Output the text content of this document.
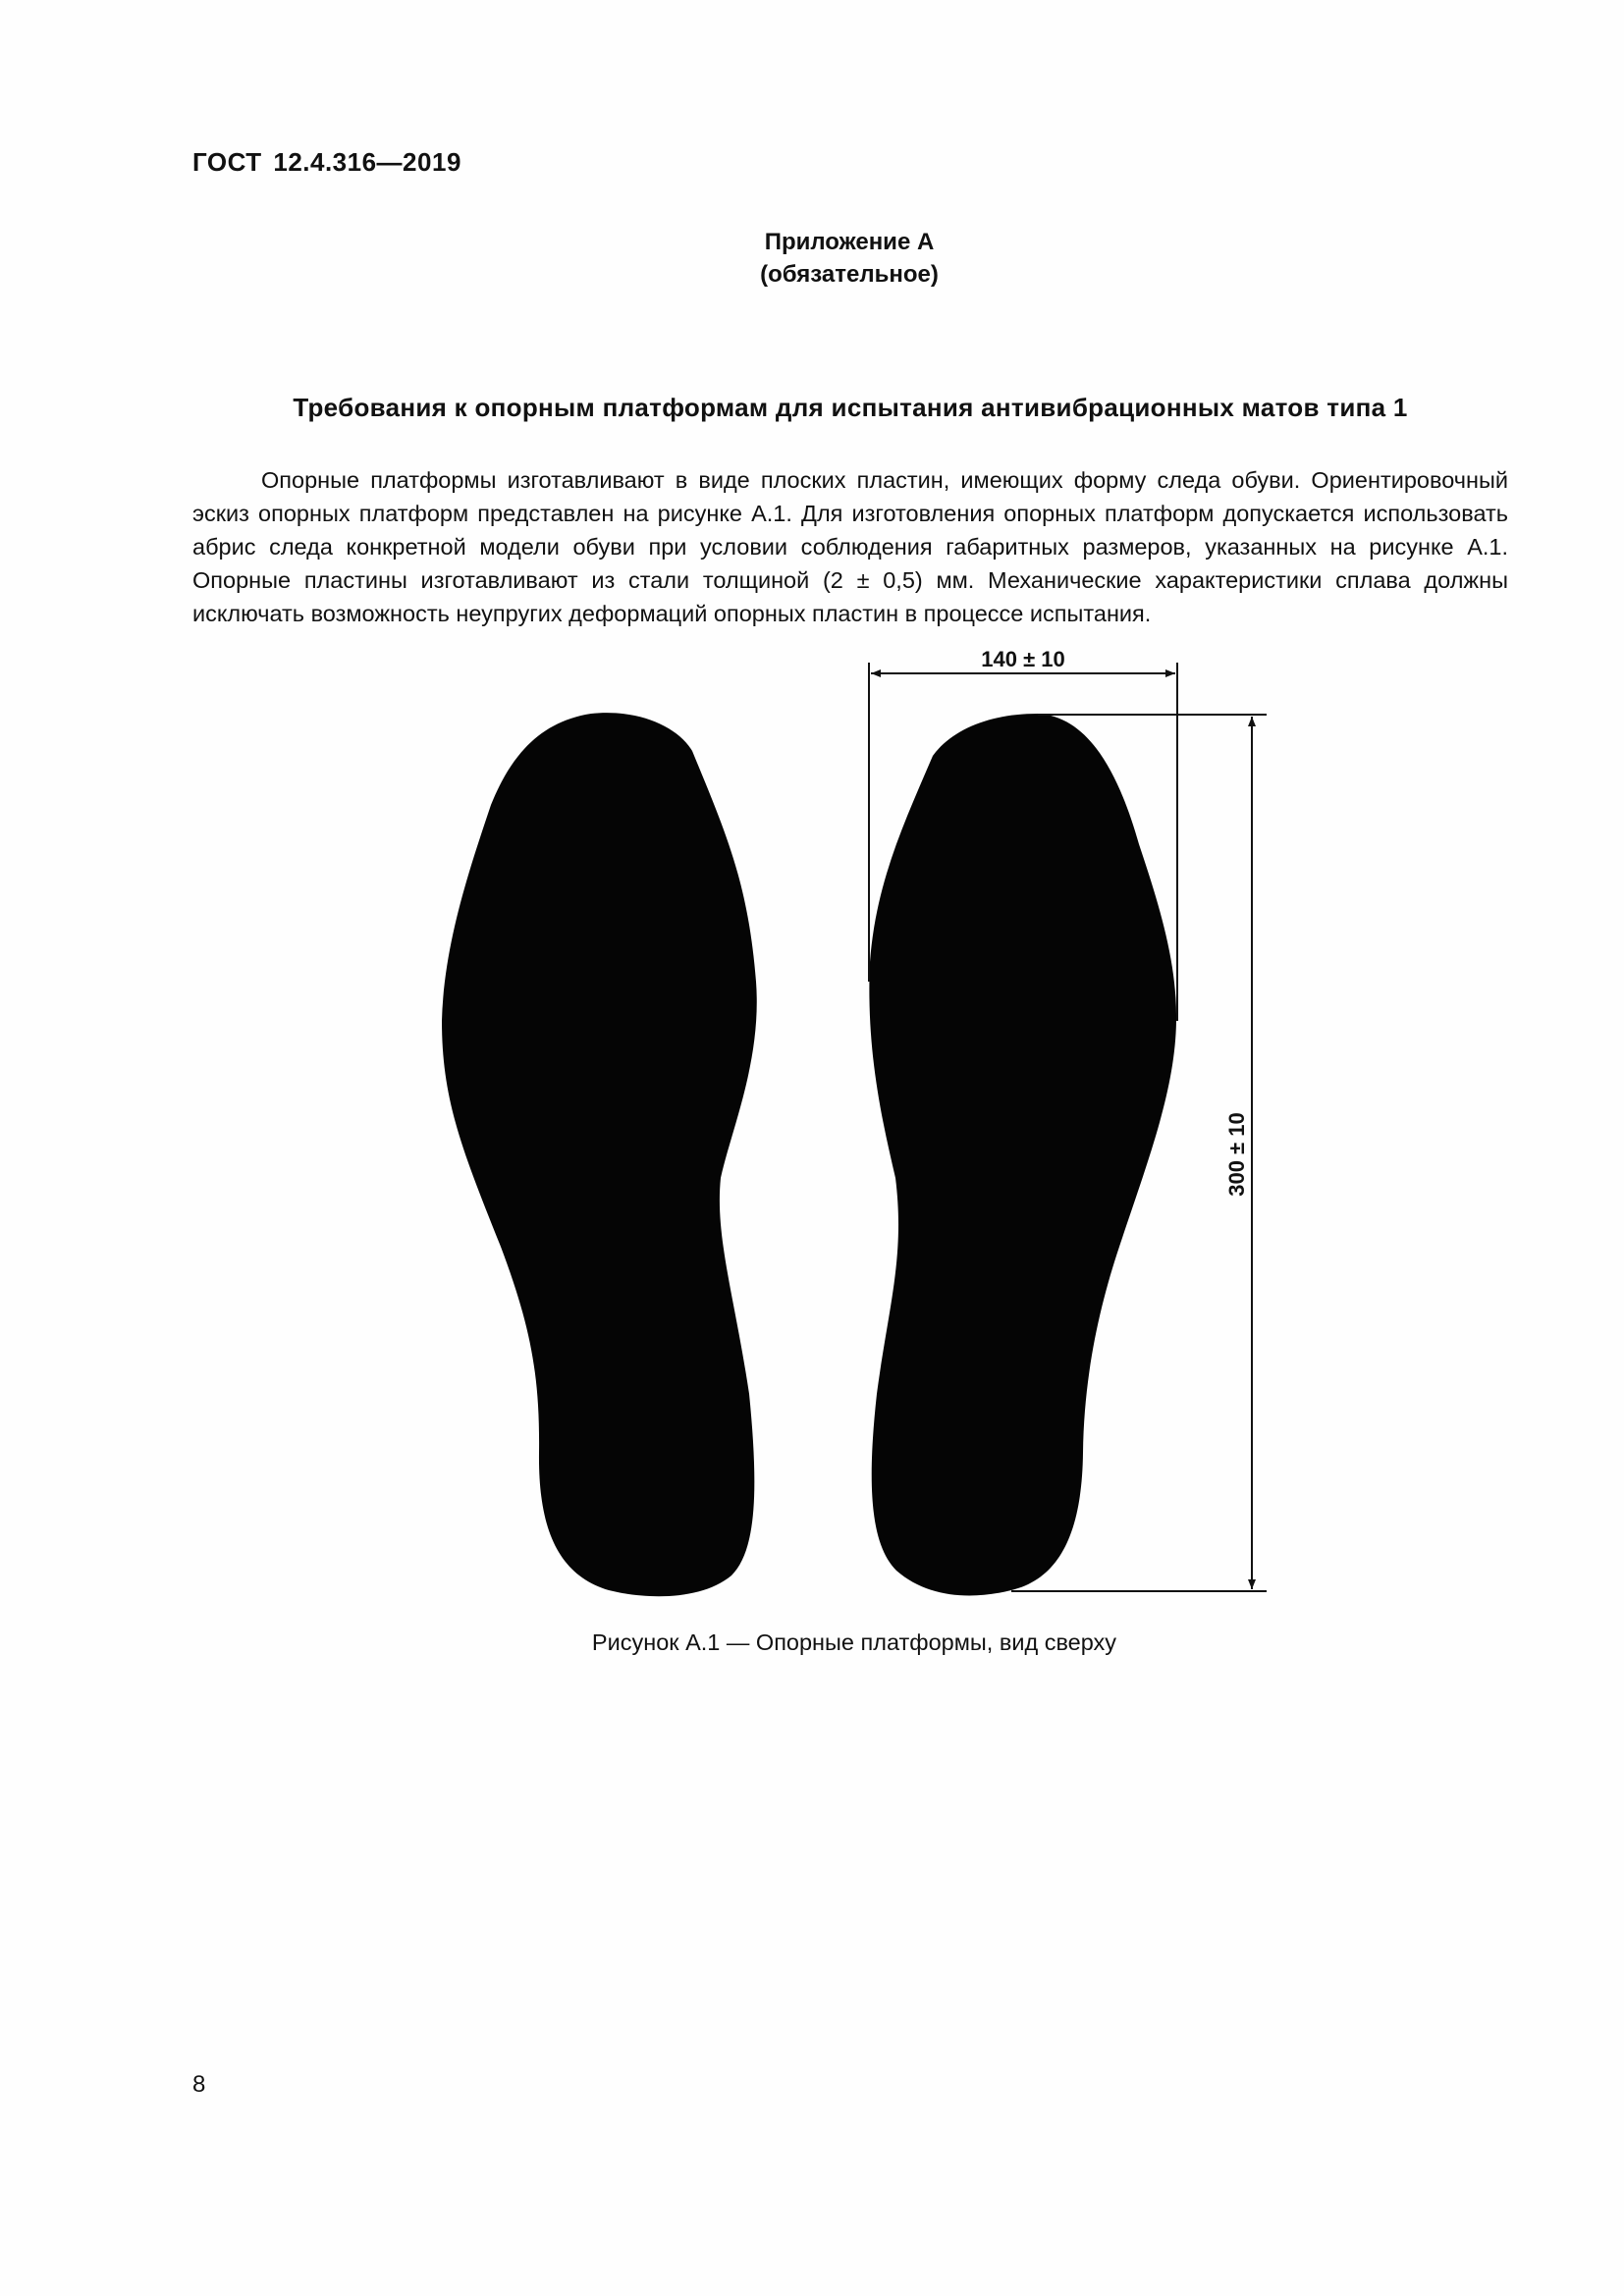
ГОСТ 12.4.316—2019
Приложение А
(обязательное)
Требования к опорным платформам для испытания антивибрационных матов типа 1

Опорные платформы изготавливают в виде плоских пластин, имеющих форму следа обуви. Ориентировочный эскиз опорных платформ представлен на рисунке А.1. Для изготовления опорных платформ допускается использовать абрис следа конкретной модели обуви при условии соблюдения габаритных размеров, указанных на рисунке А.1. Опорные пластины изготавливают из стали толщиной (2 ± 0,5) мм. Механические характеристики сплава должны исключать возможность неупругих деформаций опорных пластин в процессе испытания.

140 ± 10
300 ± 10
Рисунок А.1 — Опорные платформы, вид сверху
8
